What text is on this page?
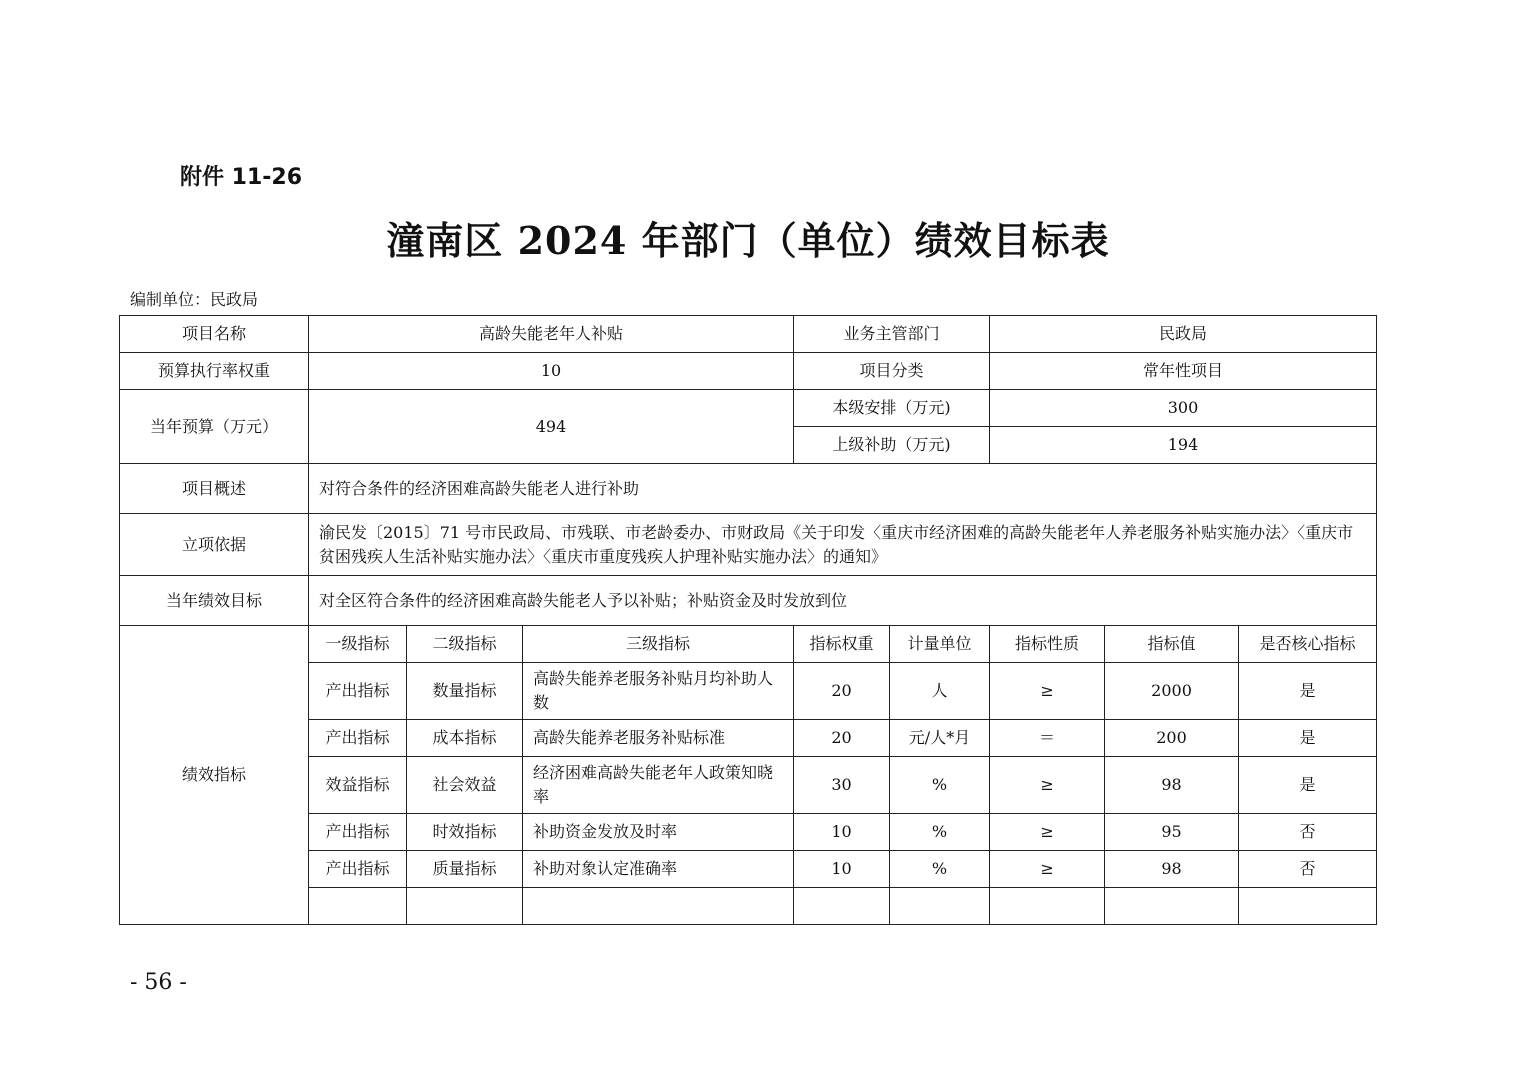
附件 11-26
潼南区 2024 年部门（单位）绩效目标表
编制单位：民政局
项目名称	高龄失能老年人补贴			业务主管部门		民政局		
预算执行率权重	10			项目分类		常年性项目		
当年预算（万元）	494			本级安排（万元)		300		
				上级补助（万元)		194		
项目概述	对符合条件的经济困难高龄失能老人进行补助							
立项依据	渝民发〔2015〕71 号市民政局、市残联、市老龄委办、市财政局《关于印发〈重庆市经济困难的高龄失能老年人养老服务补贴实施办法〉〈重庆市贫困残疾人生活补贴实施办法〉〈重庆市重度残疾人护理补贴实施办法〉的通知》							
当年绩效目标	对全区符合条件的经济困难高龄失能老人予以补贴；补贴资金及时发放到位							
绩效指标	一级指标	二级指标	三级指标	指标权重	计量单位	指标性质	指标值	是否核心指标
	产出指标	数量指标	高龄失能养老服务补贴月均补助人数	20	人	≥	2000	是
	产出指标	成本指标	高龄失能养老服务补贴标准	20	元/人*月	＝	200	是
	效益指标	社会效益	经济困难高龄失能老年人政策知晓率	30	%	≥	98	是
	产出指标	时效指标	补助资金发放及时率	10	%	≥	95	否
	产出指标	质量指标	补助对象认定准确率	10	%	≥	98	否

- 56 -
